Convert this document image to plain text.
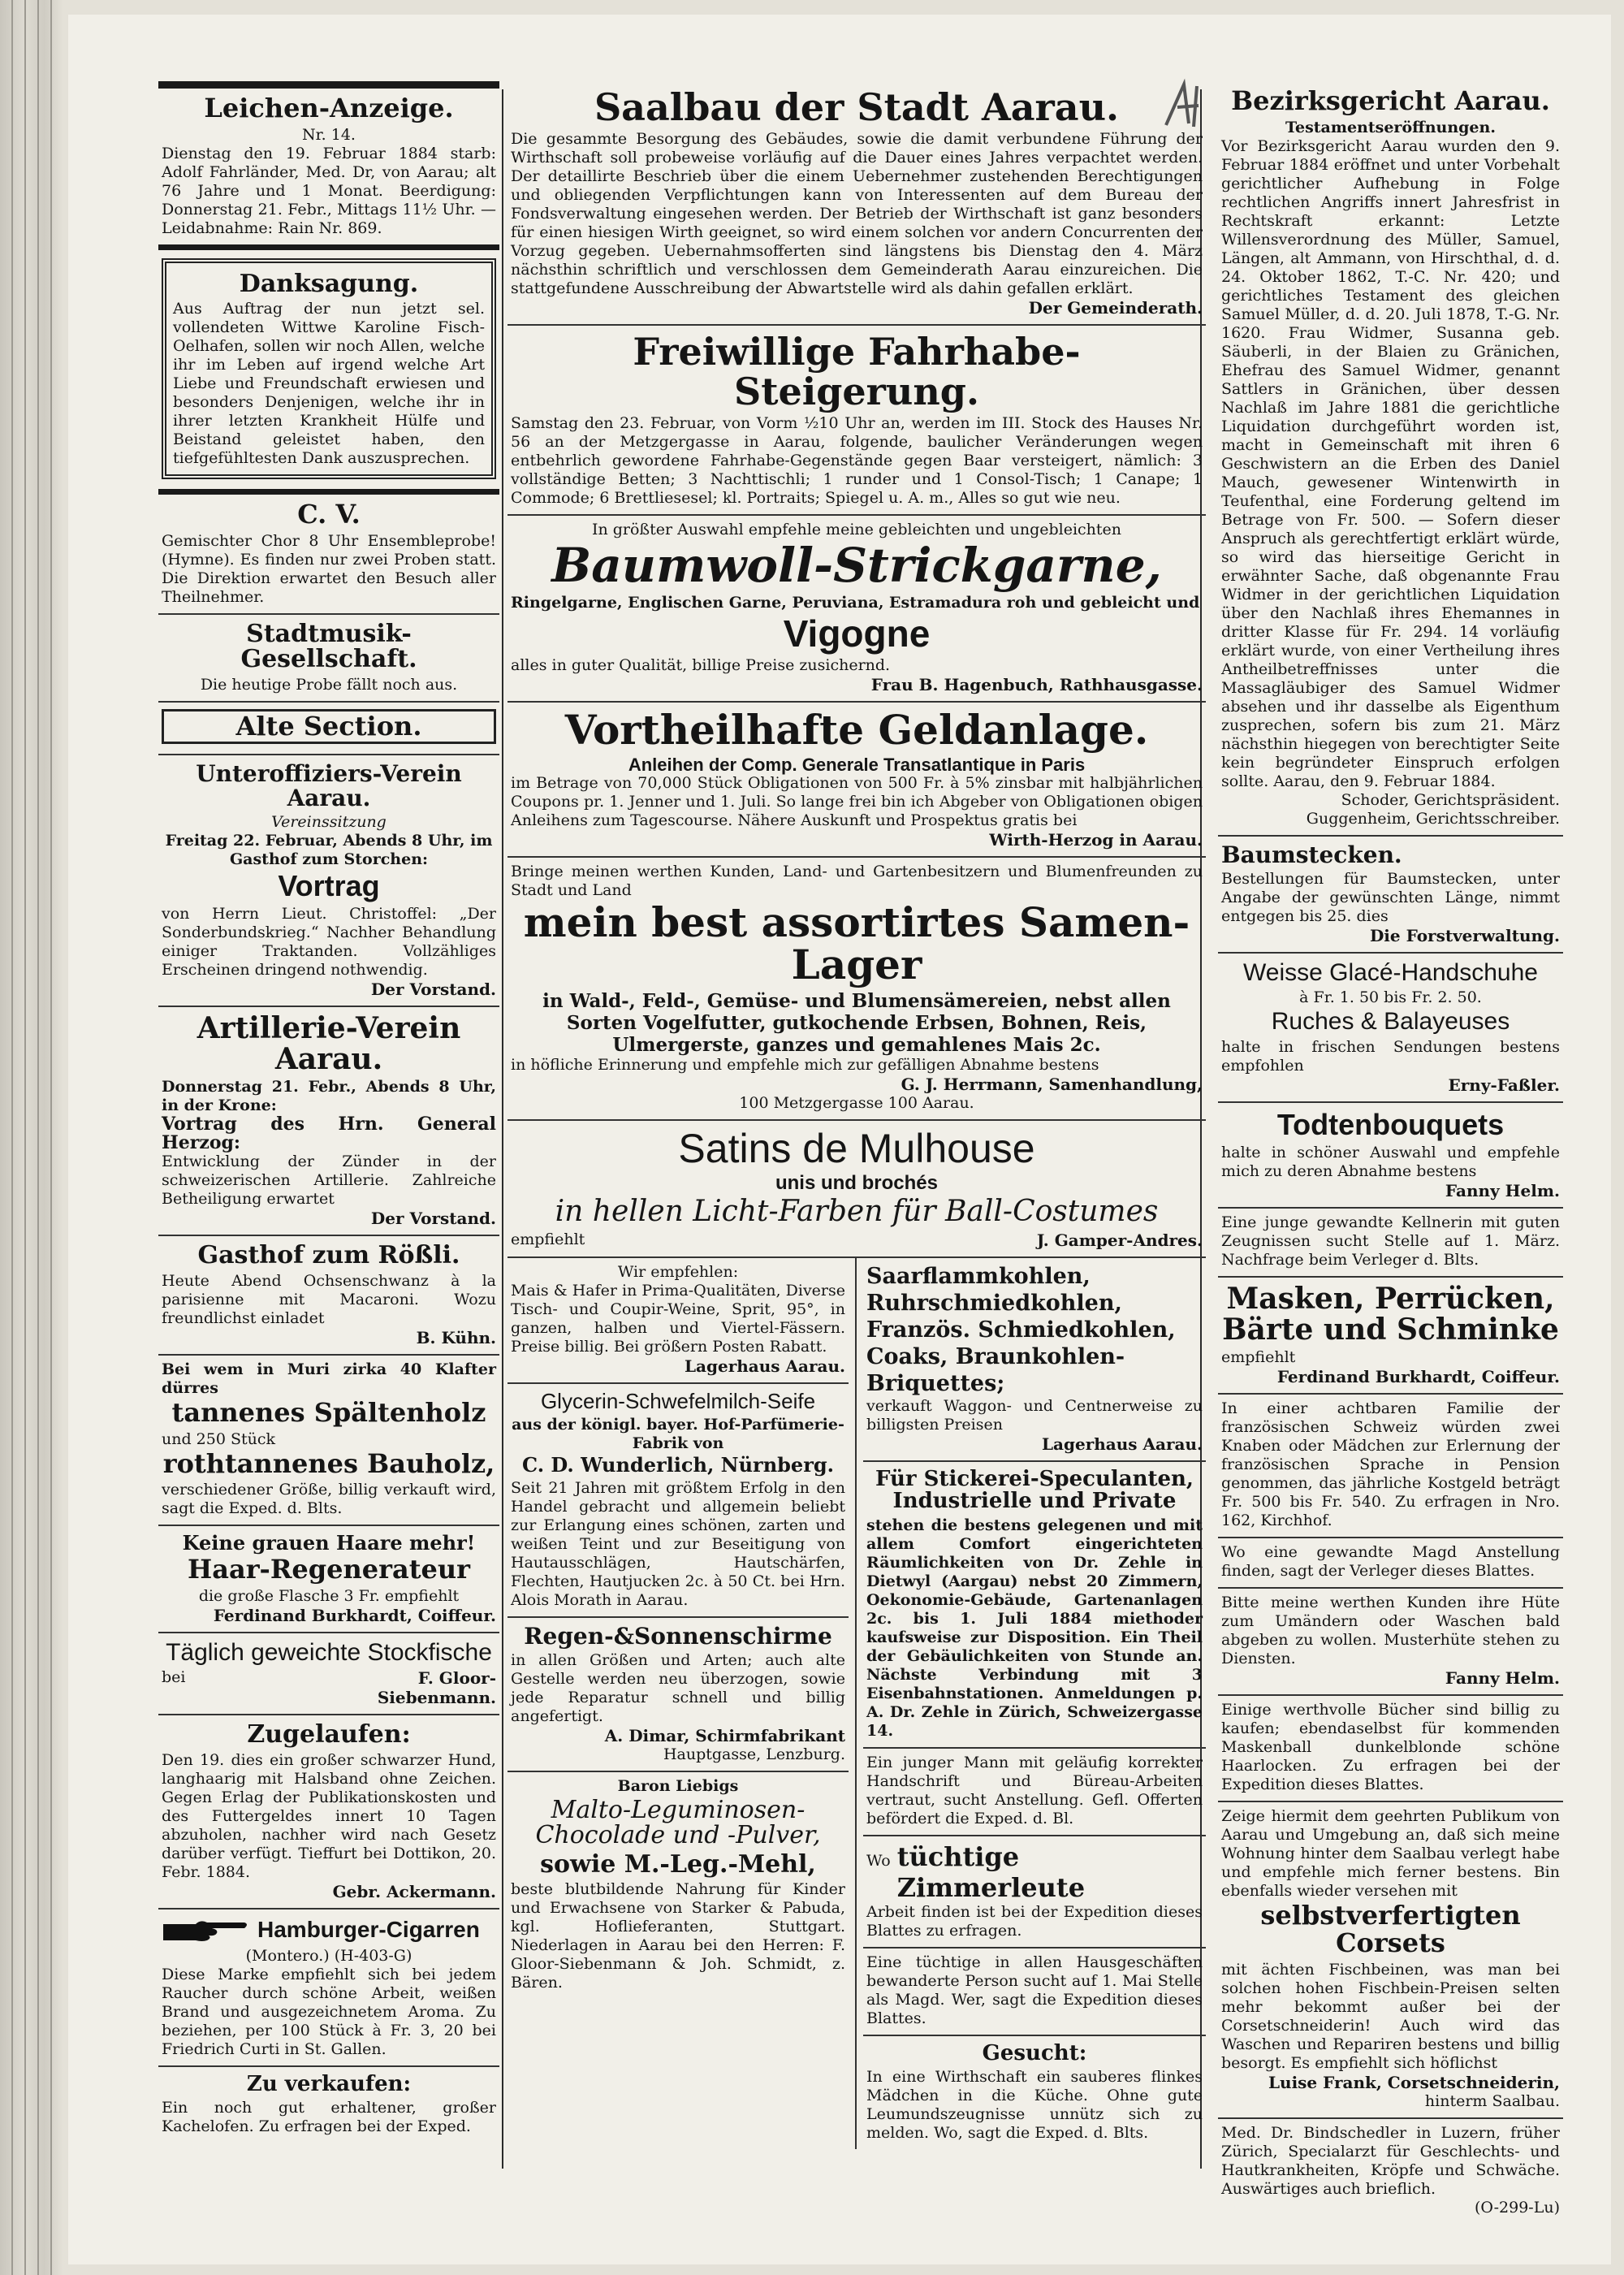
Leichen-Anzeige.
Nr. 14.
Dienstag den 19. Februar 1884 starb: Adolf Fahrländer, Med. Dr, von Aarau; alt 76 Jahre und 1 Monat. Beerdigung: Donnerstag 21. Febr., Mittags 11½ Uhr. — Leidabnahme: Rain Nr. 869.
Danksagung.
Aus Auftrag der nun jetzt sel. vollendeten Wittwe Karoline Fisch-Oelhafen, sollen wir noch Allen, welche ihr im Leben auf irgend welche Art Liebe und Freundschaft erwiesen und besonders Denjenigen, welche ihr in ihrer letzten Krankheit Hülfe und Beistand geleistet haben, den tiefgefühltesten Dank auszusprechen.
C. V.
Gemischter Chor 8 Uhr Ensembleprobe! (Hymne). Es finden nur zwei Proben statt. Die Direktion erwartet den Besuch aller Theilnehmer.
Stadtmusik-Gesellschaft.
Die heutige Probe fällt noch aus.
Alte Section.
Unteroffiziers-Verein Aarau.
Vereinssitzung
Freitag 22. Februar, Abends 8 Uhr, im Gasthof zum Storchen:
Vortrag
von Herrn Lieut. Christoffel: „Der Sonderbundskrieg.“ Nachher Behandlung einiger Traktanden. Vollzähliges Erscheinen dringend nothwendig.
Der Vorstand.
Artillerie-Verein Aarau.
Donnerstag 21. Febr., Abends 8 Uhr, in der Krone:
Vortrag des Hrn. General Herzog:
Entwicklung der Zünder in der schweizerischen Artillerie. Zahlreiche Betheiligung erwartet
Der Vorstand.
Gasthof zum Rößli.
Heute Abend Ochsenschwanz à la parisienne mit Macaroni. Wozu freundlichst einladet
B. Kühn.
Bei wem in Muri zirka 40 Klafter dürres
tannenes Spältenholz
und 250 Stück
rothtannenes Bauholz,
verschiedener Größe, billig verkauft wird, sagt die Exped. d. Blts.
Keine grauen Haare mehr!
Haar-Regenerateur
die große Flasche 3 Fr. empfiehlt
Ferdinand Burkhardt, Coiffeur.
Täglich geweichte Stockfische
bei	F. Gloor-Siebenmann.
Zugelaufen:
Den 19. dies ein großer schwarzer Hund, langhaarig mit Halsband ohne Zeichen. Gegen Erlag der Publikationskosten und des Futtergeldes innert 10 Tagen abzuholen, nachher wird nach Gesetz darüber verfügt. Tieffurt bei Dottikon, 20. Febr. 1884.
Gebr. Ackermann.
Hamburger-Cigarren
(Montero.) (H-403-G)
Diese Marke empfiehlt sich bei jedem Raucher durch schöne Arbeit, weißen Brand und ausgezeichnetem Aroma. Zu beziehen, per 100 Stück à Fr. 3, 20 bei Friedrich Curti in St. Gallen.
Zu verkaufen:
Ein noch gut erhaltener, großer Kachelofen. Zu erfragen bei der Exped.
Saalbau der Stadt Aarau.
Die gesammte Besorgung des Gebäudes, sowie die damit verbundene Führung der Wirthschaft soll probeweise vorläufig auf die Dauer eines Jahres verpachtet werden. Der detaillirte Beschrieb über die einem Uebernehmer zustehenden Berechtigungen und obliegenden Verpflichtungen kann von Interessenten auf dem Bureau der Fondsverwaltung eingesehen werden. Der Betrieb der Wirthschaft ist ganz besonders für einen hiesigen Wirth geeignet, so wird einem solchen vor andern Concurrenten der Vorzug gegeben. Uebernahmsofferten sind längstens bis Dienstag den 4. März nächsthin schriftlich und verschlossen dem Gemeinderath Aarau einzureichen. Die stattgefundene Ausschreibung der Abwartstelle wird als dahin gefallen erklärt.
Der Gemeinderath.
Freiwillige Fahrhabe-Steigerung.
Samstag den 23. Februar, von Vorm ½10 Uhr an, werden im III. Stock des Hauses Nr. 56 an der Metzgergasse in Aarau, folgende, baulicher Veränderungen wegen entbehrlich gewordene Fahrhabe-Gegenstände gegen Baar versteigert, nämlich: 3 vollständige Betten; 3 Nachttischli; 1 runder und 1 Consol-Tisch; 1 Canape; 1 Commode; 6 Brettliesesel; kl. Portraits; Spiegel u. A. m., Alles so gut wie neu.
In größter Auswahl empfehle meine gebleichten und ungebleichten
Baumwoll-Strickgarne,
Ringelgarne, Englischen Garne, Peruviana, Estramadura roh und gebleicht und
Vigogne
alles in guter Qualität, billige Preise zusichernd.
Frau B. Hagenbuch, Rathhausgasse.
Vortheilhafte Geldanlage.
Anleihen der Comp. Generale Transatlantique in Paris
im Betrage von 70,000 Stück Obligationen von 500 Fr. à 5% zinsbar mit halbjährlichen Coupons pr. 1. Jenner und 1. Juli. So lange frei bin ich Abgeber von Obligationen obigen Anleihens zum Tagescourse. Nähere Auskunft und Prospektus gratis bei
Wirth-Herzog in Aarau.
Bringe meinen werthen Kunden, Land- und Gartenbesitzern und Blumenfreunden zu Stadt und Land
mein best assortirtes Samen-Lager
in Wald-, Feld-, Gemüse- und Blumensämereien, nebst allen Sorten Vogelfutter, gutkochende Erbsen, Bohnen, Reis, Ulmergerste, ganzes und gemahlenes Mais 2c.
in höfliche Erinnerung und empfehle mich zur gefälligen Abnahme bestens
G. J. Herrmann, Samenhandlung,
100 Metzgergasse 100 Aarau.
Satins de Mulhouse
unis und brochés
in hellen Licht-Farben für Ball-Costumes
empfiehlt	J. Gamper-Andres.
Wir empfehlen:
Mais & Hafer in Prima-Qualitäten, Diverse Tisch- und Coupir-Weine, Sprit, 95°, in ganzen, halben und Viertel-Fässern. Preise billig. Bei größern Posten Rabatt.
Lagerhaus Aarau.
Glycerin-Schwefelmilch-Seife
aus der königl. bayer. Hof-Parfümerie-Fabrik von
C. D. Wunderlich, Nürnberg.
Seit 21 Jahren mit größtem Erfolg in den Handel gebracht und allgemein beliebt zur Erlangung eines schönen, zarten und weißen Teint und zur Beseitigung von Hautausschlägen, Hautschärfen, Flechten, Hautjucken 2c. à 50 Ct. bei Hrn. Alois Morath in Aarau.
Regen-&Sonnenschirme
in allen Größen und Arten; auch alte Gestelle werden neu überzogen, sowie jede Reparatur schnell und billig angefertigt.
A. Dimar, Schirmfabrikant
Hauptgasse, Lenzburg.
Baron Liebigs
Malto-Leguminosen-Chocolade und -Pulver,
sowie M.-Leg.-Mehl,
beste blutbildende Nahrung für Kinder und Erwachsene von Starker & Pabuda, kgl. Hoflieferanten, Stuttgart. Niederlagen in Aarau bei den Herren: F. Gloor-Siebenmann & Joh. Schmidt, z. Bären.
Saarflammkohlen, Ruhrschmiedkohlen, Französ. Schmiedkohlen, Coaks, Braunkohlen-Briquettes;
verkauft Waggon- und Centnerweise zu billigsten Preisen
Lagerhaus Aarau.
Für Stickerei-Speculanten, Industrielle und Private
stehen die bestens gelegenen und mit allem Comfort eingerichteten Räumlichkeiten von Dr. Zehle in Dietwyl (Aargau) nebst 20 Zimmern, Oekonomie-Gebäude, Gartenanlagen 2c. bis 1. Juli 1884 miethoder kaufsweise zur Disposition. Ein Theil der Gebäulichkeiten von Stunde an. Nächste Verbindung mit 3 Eisenbahnstationen. Anmeldungen p. A. Dr. Zehle in Zürich, Schweizergasse 14.
Ein junger Mann mit geläufig korrekter Handschrift und Büreau-Arbeiten vertraut, sucht Anstellung. Gefl. Offerten befördert die Exped. d. Bl.
Wo tüchtige Zimmerleute
Arbeit finden ist bei der Expedition dieses Blattes zu erfragen.
Eine tüchtige in allen Hausgeschäften bewanderte Person sucht auf 1. Mai Stelle als Magd. Wer, sagt die Expedition dieses Blattes.
Gesucht:
In eine Wirthschaft ein sauberes flinkes Mädchen in die Küche. Ohne gute Leumundszeugnisse unnütz sich zu melden. Wo, sagt die Exped. d. Blts.
Bezirksgericht Aarau.
Testamentseröffnungen.
Vor Bezirksgericht Aarau wurden den 9. Februar 1884 eröffnet und unter Vorbehalt gerichtlicher Aufhebung in Folge rechtlichen Angriffs innert Jahresfrist in Rechtskraft erkannt: Letzte Willensverordnung des Müller, Samuel, Längen, alt Ammann, von Hirschthal, d. d. 24. Oktober 1862, T.-C. Nr. 420; und gerichtliches Testament des gleichen Samuel Müller, d. d. 20. Juli 1878, T.-G. Nr. 1620. Frau Widmer, Susanna geb. Säuberli, in der Blaien zu Gränichen, Ehefrau des Samuel Widmer, genannt Sattlers in Gränichen, über dessen Nachlaß im Jahre 1881 die gerichtliche Liquidation durchgeführt worden ist, macht in Gemeinschaft mit ihren 6 Geschwistern an die Erben des Daniel Mauch, gewesener Wintenwirth in Teufenthal, eine Forderung geltend im Betrage von Fr. 500. — Sofern dieser Anspruch als gerechtfertigt erklärt würde, so wird das hierseitige Gericht in erwähnter Sache, daß obgenannte Frau Widmer in der gerichtlichen Liquidation über den Nachlaß ihres Ehemannes in dritter Klasse für Fr. 294. 14 vorläufig erklärt wurde, von einer Vertheilung ihres Antheilbetreffnisses unter die Massagläubiger des Samuel Widmer absehen und ihr dasselbe als Eigenthum zusprechen, sofern bis zum 21. März nächsthin hiegegen von berechtigter Seite kein begründeter Einspruch erfolgen sollte. Aarau, den 9. Februar 1884.
Schoder, Gerichtspräsident.
Guggenheim, Gerichtsschreiber.
Baumstecken.
Bestellungen für Baumstecken, unter Angabe der gewünschten Länge, nimmt entgegen bis 25. dies
Die Forstverwaltung.
Weisse Glacé-Handschuhe
à Fr. 1. 50 bis Fr. 2. 50.
Ruches & Balayeuses
halte in frischen Sendungen bestens empfohlen
Erny-Faßler.
Todtenbouquets
halte in schöner Auswahl und empfehle mich zu deren Abnahme bestens
Fanny Helm.
Eine junge gewandte Kellnerin mit guten Zeugnissen sucht Stelle auf 1. März. Nachfrage beim Verleger d. Blts.
Masken, Perrücken, Bärte und Schminke
empfiehlt
Ferdinand Burkhardt, Coiffeur.
In einer achtbaren Familie der französischen Schweiz würden zwei Knaben oder Mädchen zur Erlernung der französischen Sprache in Pension genommen, das jährliche Kostgeld beträgt Fr. 500 bis Fr. 540. Zu erfragen in Nro. 162, Kirchhof.
Wo eine gewandte Magd Anstellung finden, sagt der Verleger dieses Blattes.
Bitte meine werthen Kunden ihre Hüte zum Umändern oder Waschen bald abgeben zu wollen. Musterhüte stehen zu Diensten.
Fanny Helm.
Einige werthvolle Bücher sind billig zu kaufen; ebendaselbst für kommenden Maskenball dunkelblonde schöne Haarlocken. Zu erfragen bei der Expedition dieses Blattes.
Zeige hiermit dem geehrten Publikum von Aarau und Umgebung an, daß sich meine Wohnung hinter dem Saalbau verlegt habe und empfehle mich ferner bestens. Bin ebenfalls wieder versehen mit
selbstverfertigten Corsets
mit ächten Fischbeinen, was man bei solchen hohen Fischbein-Preisen selten mehr bekommt außer bei der Corsetschneiderin! Auch wird das Waschen und Repariren bestens und billig besorgt. Es empfiehlt sich höflichst
Luise Frank, Corsetschneiderin,
hinterm Saalbau.
Med. Dr. Bindschedler in Luzern, früher Zürich, Specialarzt für Geschlechts- und Hautkrankheiten, Kröpfe und Schwäche. Auswärtiges auch brieflich.
(O-299-Lu)
